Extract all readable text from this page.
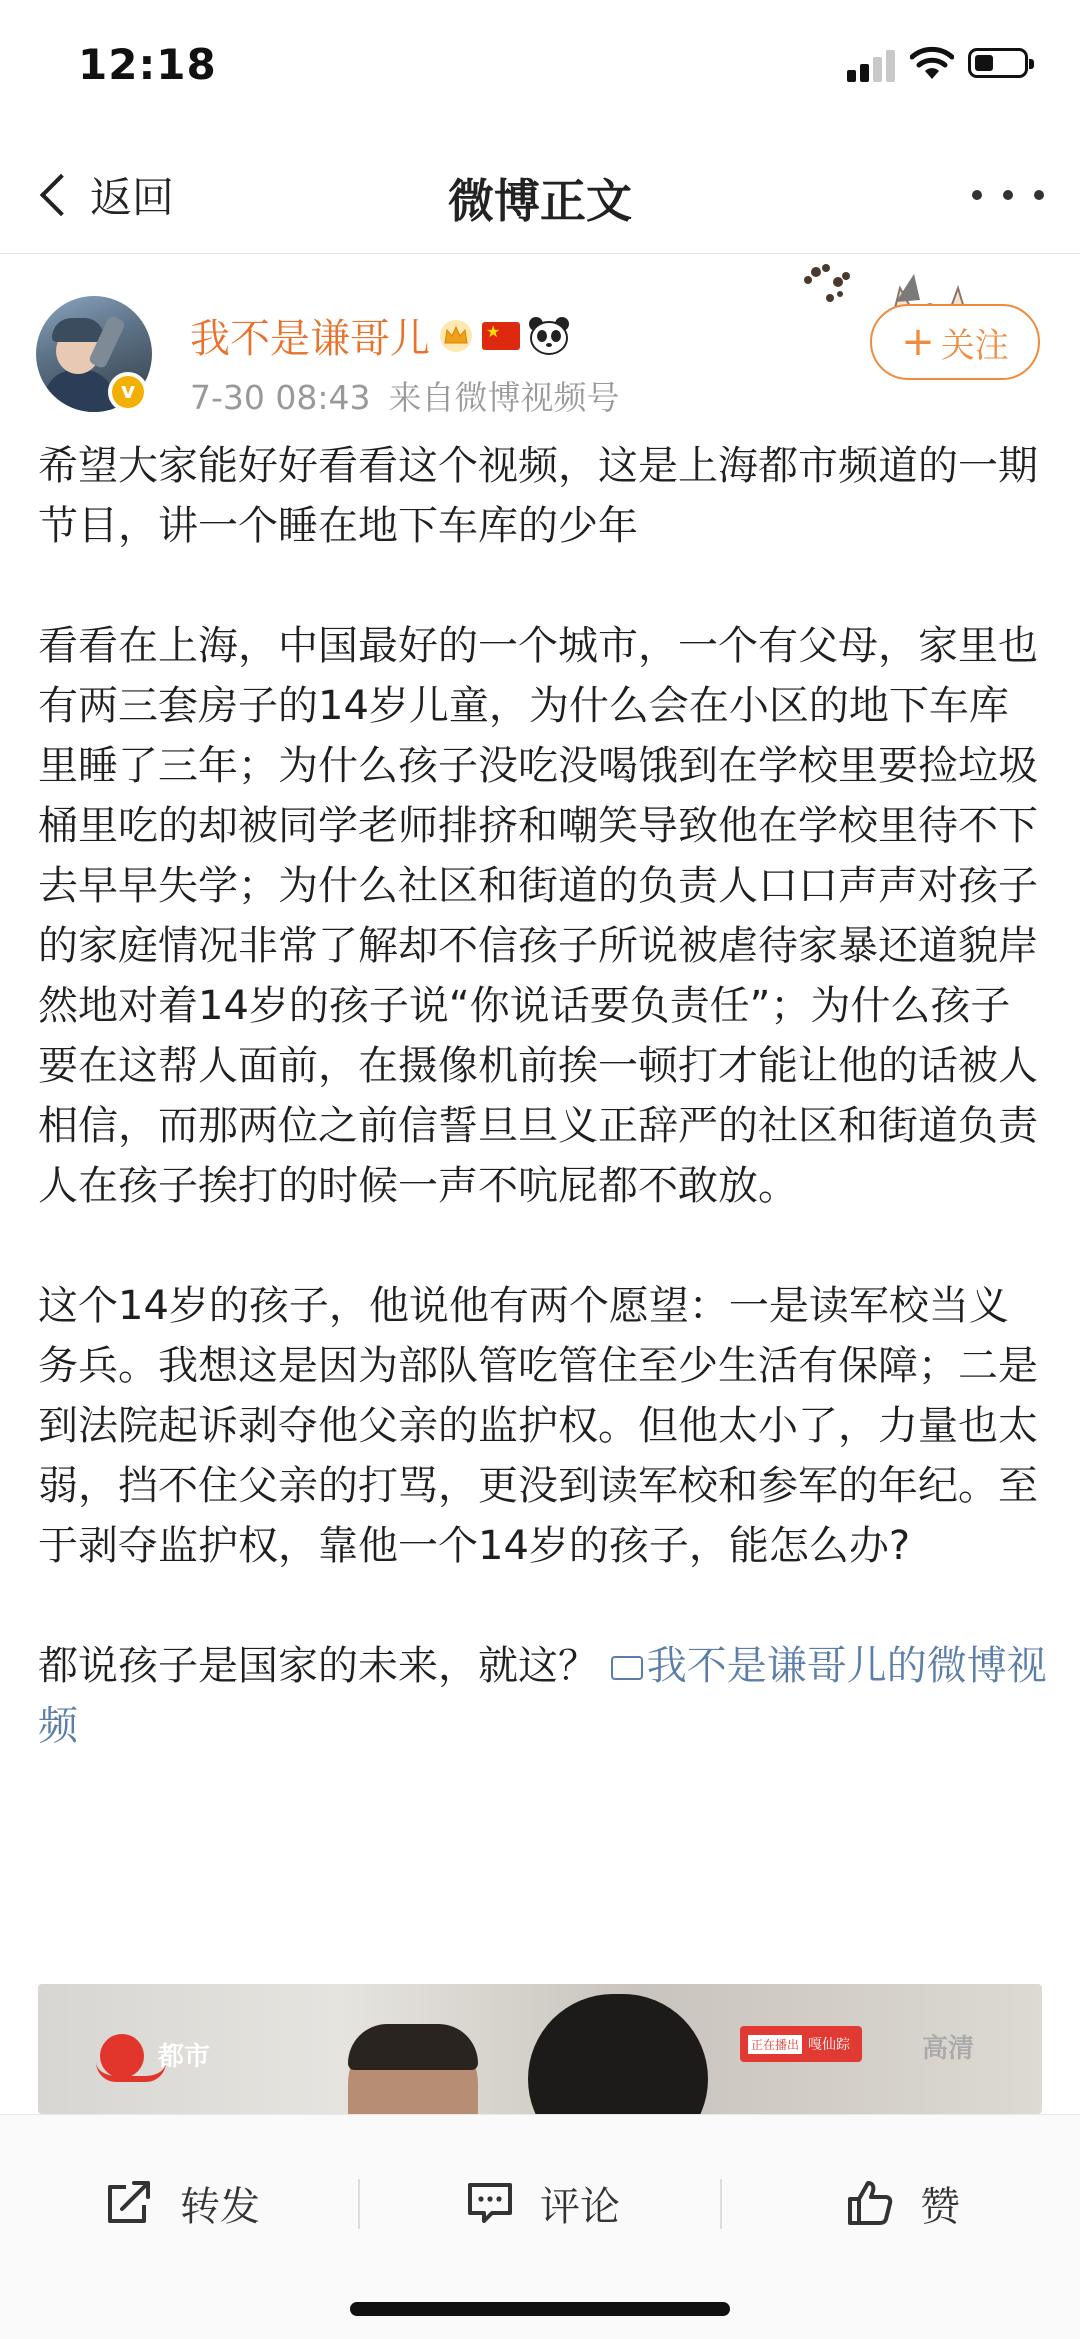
12:18
返回	微博正文
v
我不是谦哥儿
★
7-30 08:43 来自微博视频号
+ 关注

希望大家能好好看看这个视频，这是上海都市频道的一期节目，讲一个睡在地下车库的少年

看看在上海，中国最好的一个城市，一个有父母，家里也有两三套房子的14岁儿童，为什么会在小区的地下车库里睡了三年；为什么孩子没吃没喝饿到在学校里要捡垃圾桶里吃的却被同学老师排挤和嘲笑导致他在学校里待不下去早早失学；为什么社区和街道的负责人口口声声对孩子的家庭情况非常了解却不信孩子所说被虐待家暴还道貌岸然地对着14岁的孩子说“你说话要负责任”；为什么孩子要在这帮人面前，在摄像机前挨一顿打才能让他的话被人相信，而那两位之前信誓旦旦义正辞严的社区和街道负责人在孩子挨打的时候一声不吭屁都不敢放。

这个14岁的孩子，他说他有两个愿望：一是读军校当义务兵。我想这是因为部队管吃管住至少生活有保障；二是到法院起诉剥夺他父亲的监护权。但他太小了，力量也太弱，挡不住父亲的打骂，更没到读军校和参军的年纪。至于剥夺监护权，靠他一个14岁的孩子，能怎么办?

都说孩子是国家的未来，就这？ 我不是谦哥儿的微博视频

都市	正在播出 嘎仙踪	高清
转发	评论	赞
